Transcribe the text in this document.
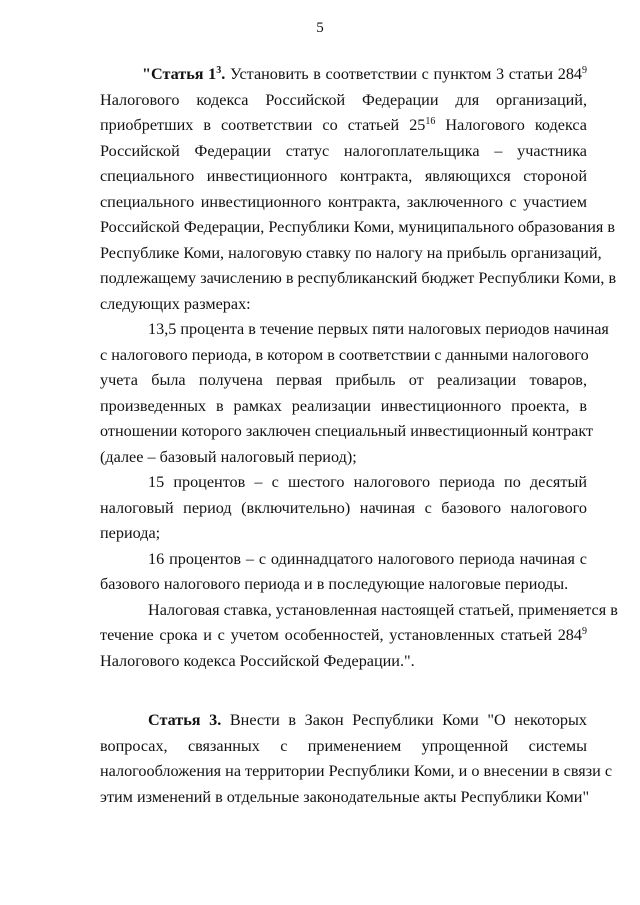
5
"Статья $1^3$. Установить в соответствии с пунктом 3 статьи $284^9$
Налогового кодекса Российской Федерации для организаций,
приобретших в соответствии со статьей $25^{16}$ Налогового кодекса
Российской Федерации статус налогоплательщика – участника
специального инвестиционного контракта, являющихся стороной
специального инвестиционного контракта, заключенного с участием
Российской Федерации, Республики Коми, муниципального образования в
Республике Коми, налоговую ставку по налогу на прибыль организаций,
подлежащему зачислению в республиканский бюджет Республики Коми, в
следующих размерах:
13,5 процента в течение первых пяти налоговых периодов начиная
с налогового периода, в котором в соответствии с данными налогового
учета была получена первая прибыль от реализации товаров,
произведенных в рамках реализации инвестиционного проекта, в
отношении которого заключен специальный инвестиционный контракт
(далее – базовый налоговый период);
15 процентов – с шестого налогового периода по десятый
налоговый период (включительно) начиная с базового налогового
периода;
16 процентов – с одиннадцатого налогового периода начиная с
базового налогового периода и в последующие налоговые периоды.
Налоговая ставка, установленная настоящей статьей, применяется в
течение срока и с учетом особенностей, установленных статьей $284^9$
Налогового кодекса Российской Федерации.".
Статья 3. Внести в Закон Республики Коми "О некоторых
вопросах, связанных с применением упрощенной системы
налогообложения на территории Республики Коми, и о внесении в связи с
этим изменений в отдельные законодательные акты Республики Коми"
